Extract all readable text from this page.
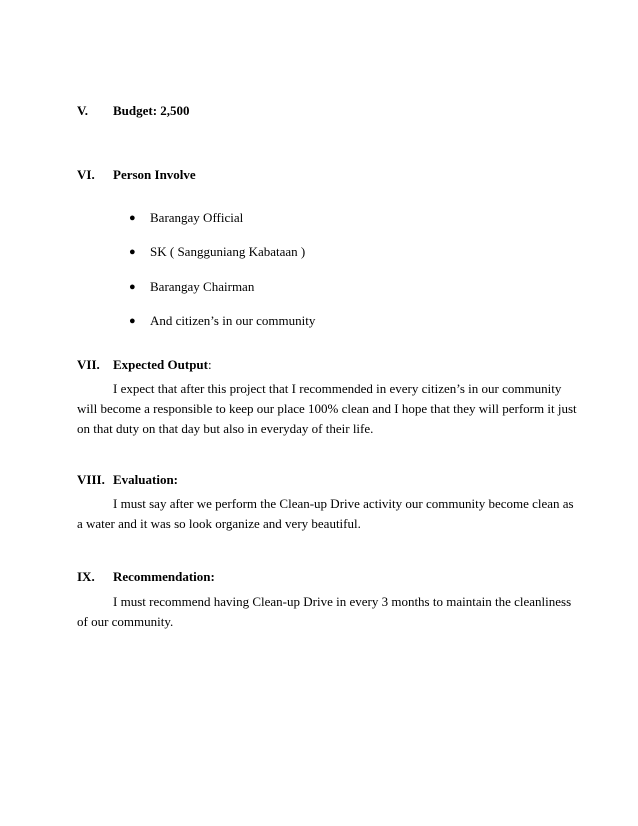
V. Budget: 2,500
VI. Person Involve
● Barangay Official
● SK ( Sangguniang Kabataan )
● Barangay Chairman
● And citizen’s in our community
VII. Expected Output:
I expect that after this project that I recommended in every citizen’s in our community
will become a responsible to keep our place 100% clean and I hope that they will perform it just
on that duty on that day but also in everyday of their life.
VIII. Evaluation:
I must say after we perform the Clean-up Drive activity our community become clean as
a water and it was so look organize and very beautiful.
IX. Recommendation:
I must recommend having Clean-up Drive in every 3 months to maintain the cleanliness
of our community.
